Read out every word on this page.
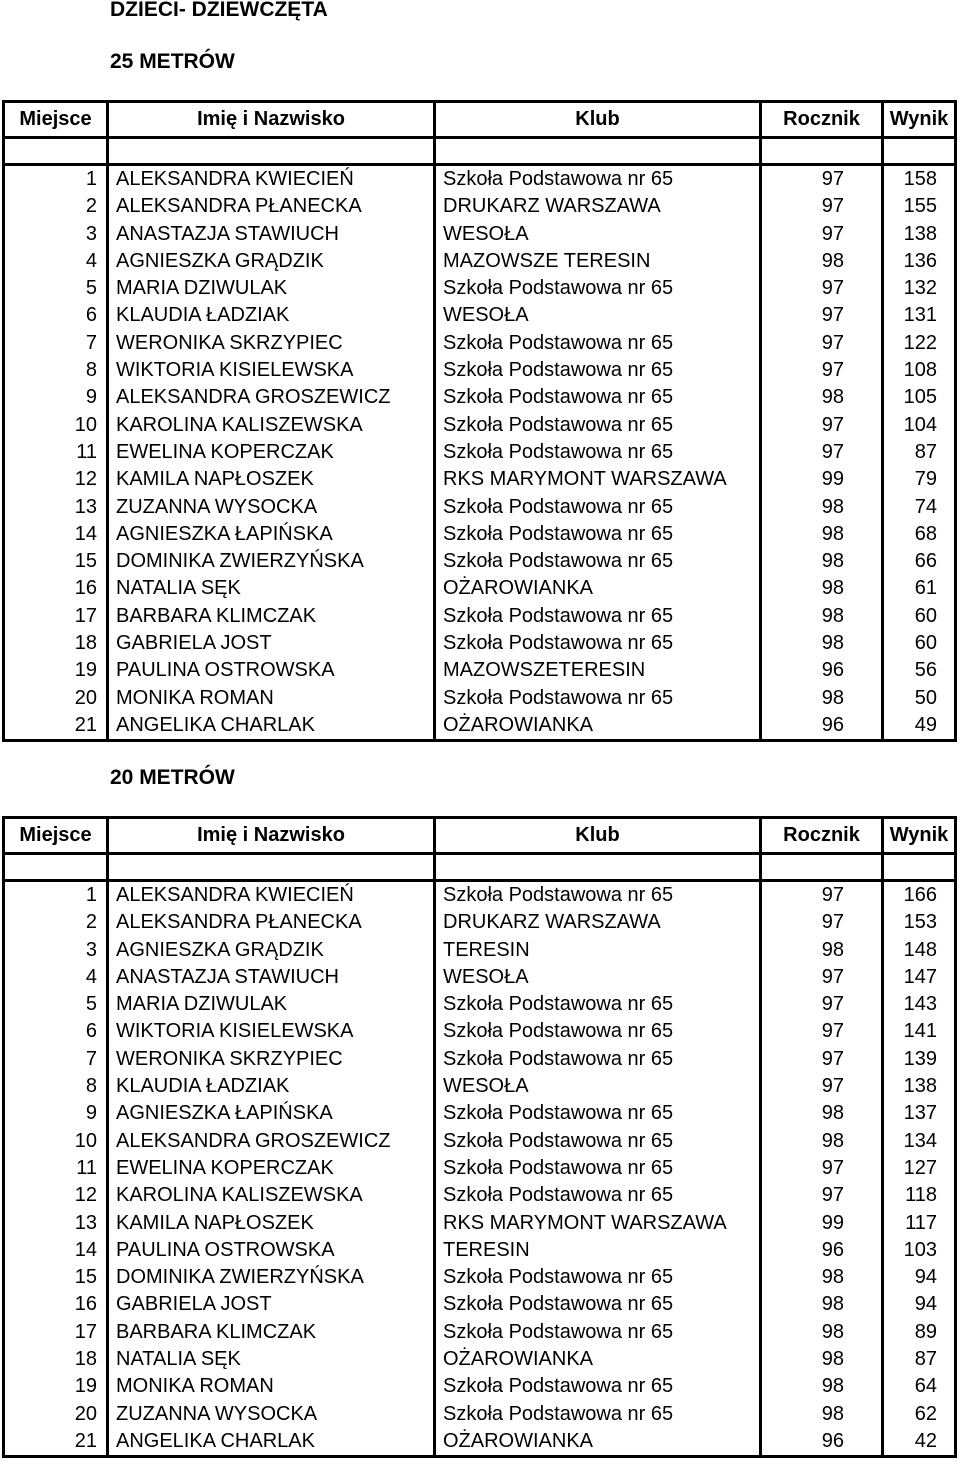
DZIECI- DZIEWCZĘTA
25 METRÓW
Miejsce	Imię i Nazwisko	Klub	Rocznik	Wynik
1 ALEKSANDRA KWIECIEŃ	Szkoła Podstawowa nr 65	97	158
2 ALEKSANDRA PŁANECKA	DRUKARZ WARSZAWA	97	155
3 ANASTAZJA STAWIUCH	WESOŁA	97	138
4 AGNIESZKA GRĄDZIK	MAZOWSZE TERESIN	98	136
5 MARIA DZIWULAK	Szkoła Podstawowa nr 65	97	132
6 KLAUDIA ŁADZIAK	WESOŁA	97	131
7 WERONIKA SKRZYPIEC	Szkoła Podstawowa nr 65	97	122
8 WIKTORIA KISIELEWSKA	Szkoła Podstawowa nr 65	97	108
9 ALEKSANDRA GROSZEWICZ	Szkoła Podstawowa nr 65	98	105
10 KAROLINA KALISZEWSKA	Szkoła Podstawowa nr 65	97	104
11 EWELINA KOPERCZAK	Szkoła Podstawowa nr 65	97	87
12 KAMILA NAPŁOSZEK	RKS MARYMONT WARSZAWA	99	79
13 ZUZANNA WYSOCKA	Szkoła Podstawowa nr 65	98	74
14 AGNIESZKA ŁAPIŃSKA	Szkoła Podstawowa nr 65	98	68
15 DOMINIKA ZWIERZYŃSKA	Szkoła Podstawowa nr 65	98	66
16 NATALIA SĘK	OŻAROWIANKA	98	61
17 BARBARA KLIMCZAK	Szkoła Podstawowa nr 65	98	60
18 GABRIELA JOST	Szkoła Podstawowa nr 65	98	60
19 PAULINA OSTROWSKA	MAZOWSZETERESIN	96	56
20 MONIKA ROMAN	Szkoła Podstawowa nr 65	98	50
21 ANGELIKA CHARLAK	OŻAROWIANKA	96	49
20 METRÓW
Miejsce	Imię i Nazwisko	Klub	Rocznik	Wynik
1 ALEKSANDRA KWIECIEŃ	Szkoła Podstawowa nr 65	97	166
2 ALEKSANDRA PŁANECKA	DRUKARZ WARSZAWA	97	153
3 AGNIESZKA GRĄDZIK	TERESIN	98	148
4 ANASTAZJA STAWIUCH	WESOŁA	97	147
5 MARIA DZIWULAK	Szkoła Podstawowa nr 65	97	143
6 WIKTORIA KISIELEWSKA	Szkoła Podstawowa nr 65	97	141
7 WERONIKA SKRZYPIEC	Szkoła Podstawowa nr 65	97	139
8 KLAUDIA ŁADZIAK	WESOŁA	97	138
9 AGNIESZKA ŁAPIŃSKA	Szkoła Podstawowa nr 65	98	137
10 ALEKSANDRA GROSZEWICZ	Szkoła Podstawowa nr 65	98	134
11 EWELINA KOPERCZAK	Szkoła Podstawowa nr 65	97	127
12 KAROLINA KALISZEWSKA	Szkoła Podstawowa nr 65	97	118
13 KAMILA NAPŁOSZEK	RKS MARYMONT WARSZAWA	99	117
14 PAULINA OSTROWSKA	TERESIN	96	103
15 DOMINIKA ZWIERZYŃSKA	Szkoła Podstawowa nr 65	98	94
16 GABRIELA JOST	Szkoła Podstawowa nr 65	98	94
17 BARBARA KLIMCZAK	Szkoła Podstawowa nr 65	98	89
18 NATALIA SĘK	OŻAROWIANKA	98	87
19 MONIKA ROMAN	Szkoła Podstawowa nr 65	98	64
20 ZUZANNA WYSOCKA	Szkoła Podstawowa nr 65	98	62
21 ANGELIKA CHARLAK	OŻAROWIANKA	96	42
